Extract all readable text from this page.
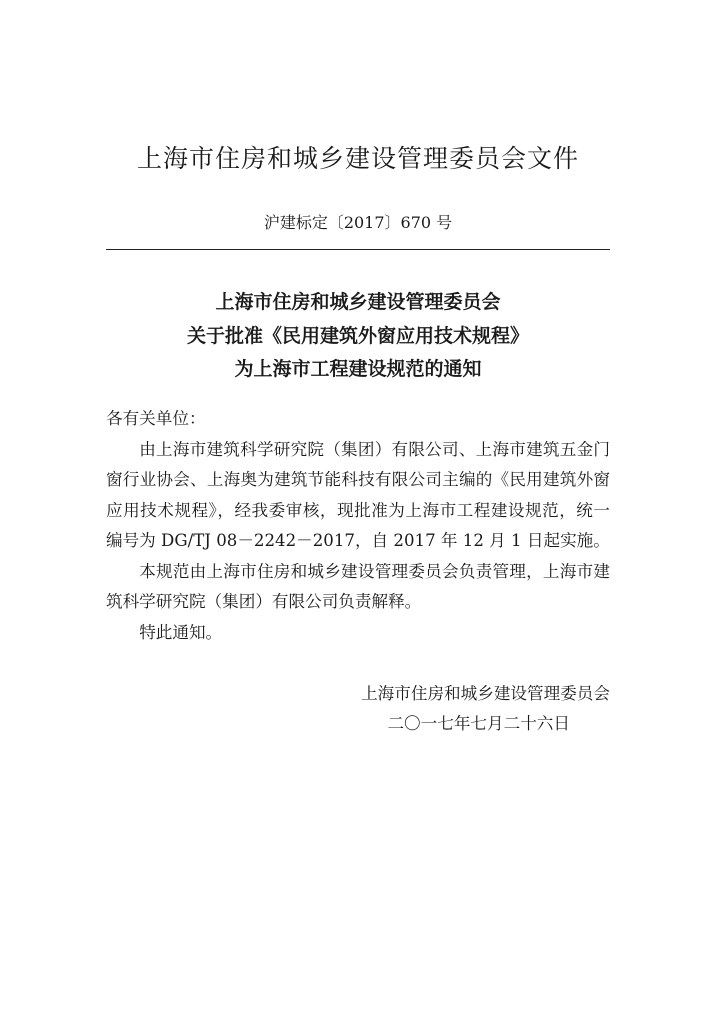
上海市住房和城乡建设管理委员会文件
沪建标定〔2017〕670 号
上海市住房和城乡建设管理委员会
关于批准《民用建筑外窗应用技术规程》
为上海市工程建设规范的通知

各有关单位：

由上海市建筑科学研究院（集团）有限公司、上海市建筑五金门窗行业协会、上海奥为建筑节能科技有限公司主编的《民用建筑外窗应用技术规程》，经我委审核，现批准为上海市工程建设规范，统一编号为 DG/TJ 08－2242－2017，自 2017 年 12 月 1 日起实施。

本规范由上海市住房和城乡建设管理委员会负责管理，上海市建筑科学研究院（集团）有限公司负责解释。

特此通知。

上海市住房和城乡建设管理委员会
二〇一七年七月二十六日
